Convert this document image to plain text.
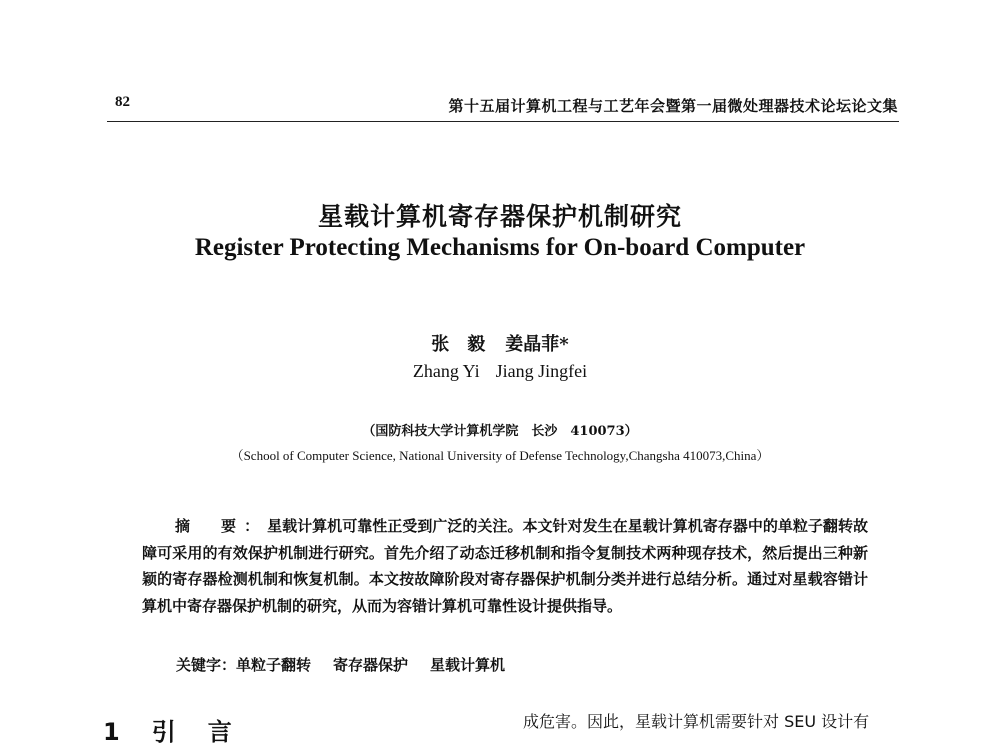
82	第十五届计算机工程与工艺年会暨第一届微处理器技术论坛论文集
星载计算机寄存器保护机制研究
Register Protecting Mechanisms for On-board Computer
张　毅 姜晶菲*
Zhang Yi Jiang Jingfei
（国防科技大学计算机学院　长沙　410073）
（School of Computer Science, National University of Defense Technology,Changsha 410073,China）
摘　要：星载计算机可靠性正受到广泛的关注。本文针对发生在星载计算机寄存器中的单粒子翻转故障可采用的有效保护机制进行研究。首先介绍了动态迁移机制和指令复制技术两种现存技术，然后提出三种新颖的寄存器检测机制和恢复机制。本文按故障阶段对寄存器保护机制分类并进行总结分析。通过对星载容错计算机中寄存器保护机制的研究，从而为容错计算机可靠性设计提供指导。
关键字：单粒子翻转 寄存器保护 星载计算机
1　引　言	成危害。因此，星载计算机需要针对 SEU 设计有
